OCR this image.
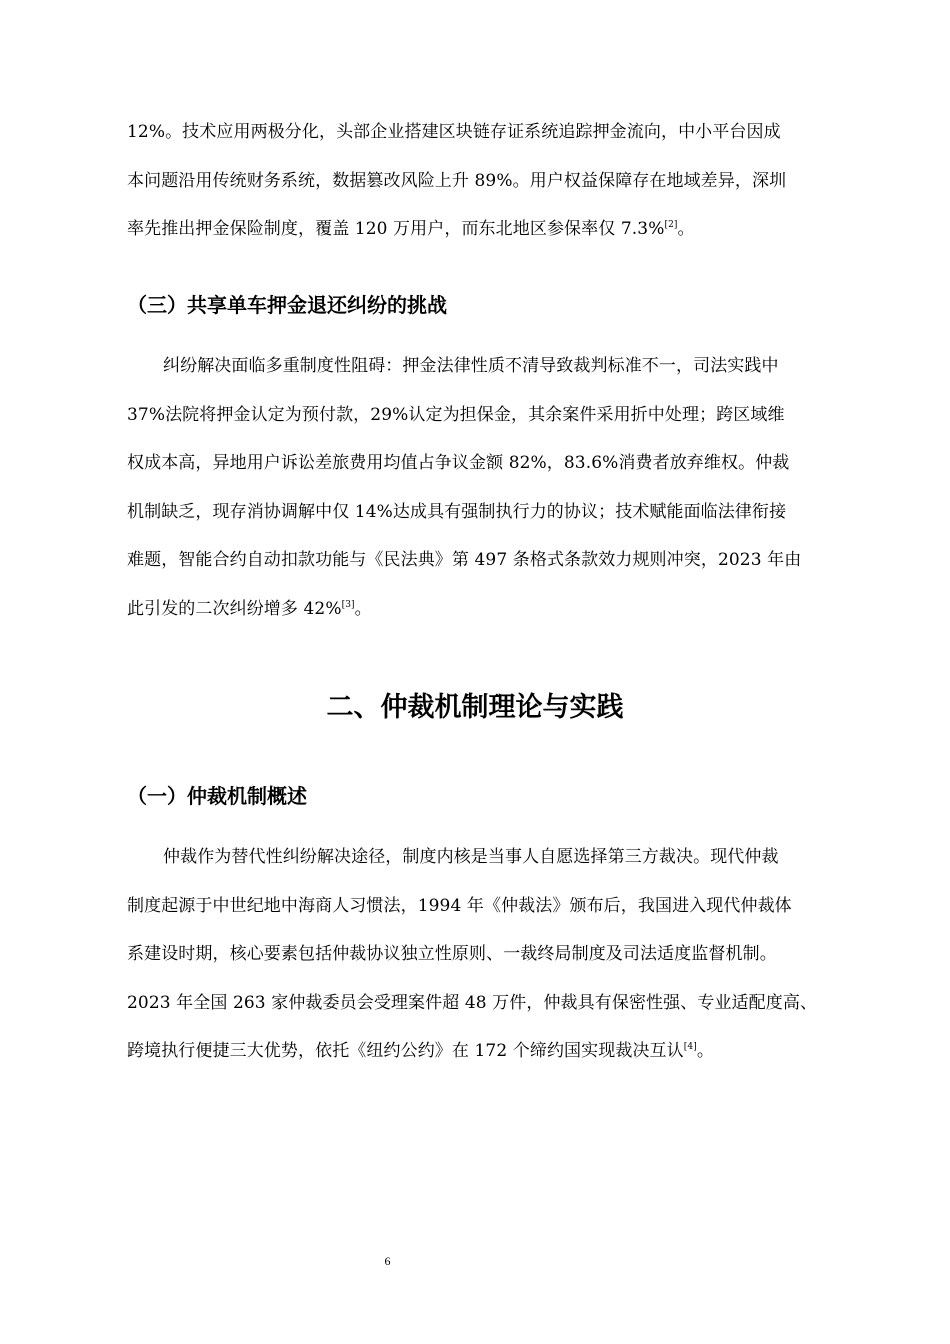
12%。技术应用两极分化，头部企业搭建区块链存证系统追踪押金流向，中小平台因成
本问题沿用传统财务系统，数据篡改风险上升 89%。用户权益保障存在地域差异，深圳
率先推出押金保险制度，覆盖 120 万用户，而东北地区参保率仅 7.3%[2]。

（三）共享单车押金退还纠纷的挑战

纠纷解决面临多重制度性阻碍：押金法律性质不清导致裁判标准不一，司法实践中
37%法院将押金认定为预付款，29%认定为担保金，其余案件采用折中处理；跨区域维
权成本高，异地用户诉讼差旅费用均值占争议金额 82%，83.6%消费者放弃维权。仲裁
机制缺乏，现存消协调解中仅 14%达成具有强制执行力的协议；技术赋能面临法律衔接
难题，智能合约自动扣款功能与《民法典》第 497 条格式条款效力规则冲突，2023 年由
此引发的二次纠纷增多 42%[3]。

二、仲裁机制理论与实践
（一）仲裁机制概述

仲裁作为替代性纠纷解决途径，制度内核是当事人自愿选择第三方裁决。现代仲裁
制度起源于中世纪地中海商人习惯法，1994 年《仲裁法》颁布后，我国进入现代仲裁体
系建设时期，核心要素包括仲裁协议独立性原则、一裁终局制度及司法适度监督机制。
2023 年全国 263 家仲裁委员会受理案件超 48 万件，仲裁具有保密性强、专业适配度高、
跨境执行便捷三大优势，依托《纽约公约》在 172 个缔约国实现裁决互认[4]。

6
